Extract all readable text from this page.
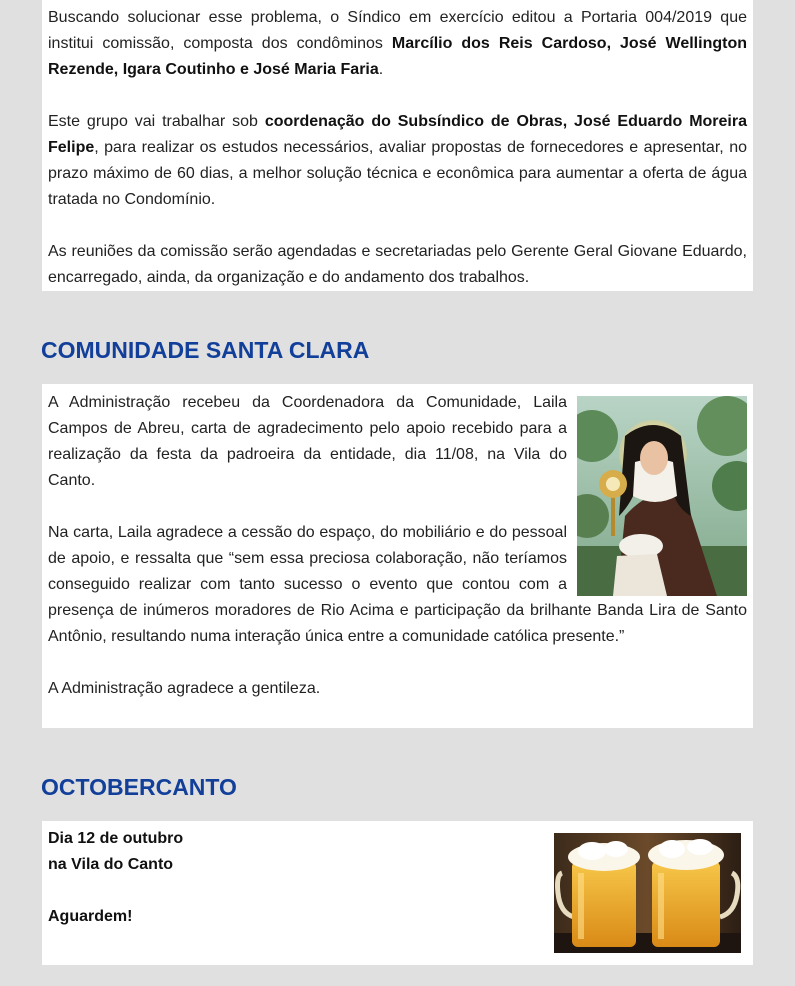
Buscando solucionar esse problema, o Síndico em exercício editou a Portaria 004/2019 que institui comissão, composta dos condôminos Marcílio dos Reis Cardoso, José Wellington Rezende, Igara Coutinho e José Maria Faria.

Este grupo vai trabalhar sob coordenação do Subsíndico de Obras, José Eduardo Moreira Felipe, para realizar os estudos necessários, avaliar propostas de fornecedores e apresentar, no prazo máximo de 60 dias, a melhor solução técnica e econômica para aumentar a oferta de água tratada no Condomínio.

As reuniões da comissão serão agendadas e secretariadas pelo Gerente Geral Giovane Eduardo, encarregado, ainda, da organização e do andamento dos trabalhos.

COMUNIDADE SANTA CLARA

A Administração recebeu da Coordenadora da Comunidade, Laila Campos de Abreu, carta de agradecimento pelo apoio recebido para a realização da festa da padroeira da entidade, dia 11/08, na Vila do Canto.

Na carta, Laila agradece a cessão do espaço, do mobiliário e do pessoal de apoio, e ressalta que “sem essa preciosa colaboração, não teríamos conseguido realizar com tanto sucesso o evento que contou com a presença de inúmeros moradores de Rio Acima e participação da brilhante Banda Lira de Santo Antônio, resultando numa interação única entre a comunidade católica presente.”

A Administração agradece a gentileza.

OCTOBERCANTO
Dia 12 de outubro
na Vila do Canto
Aguardem!
